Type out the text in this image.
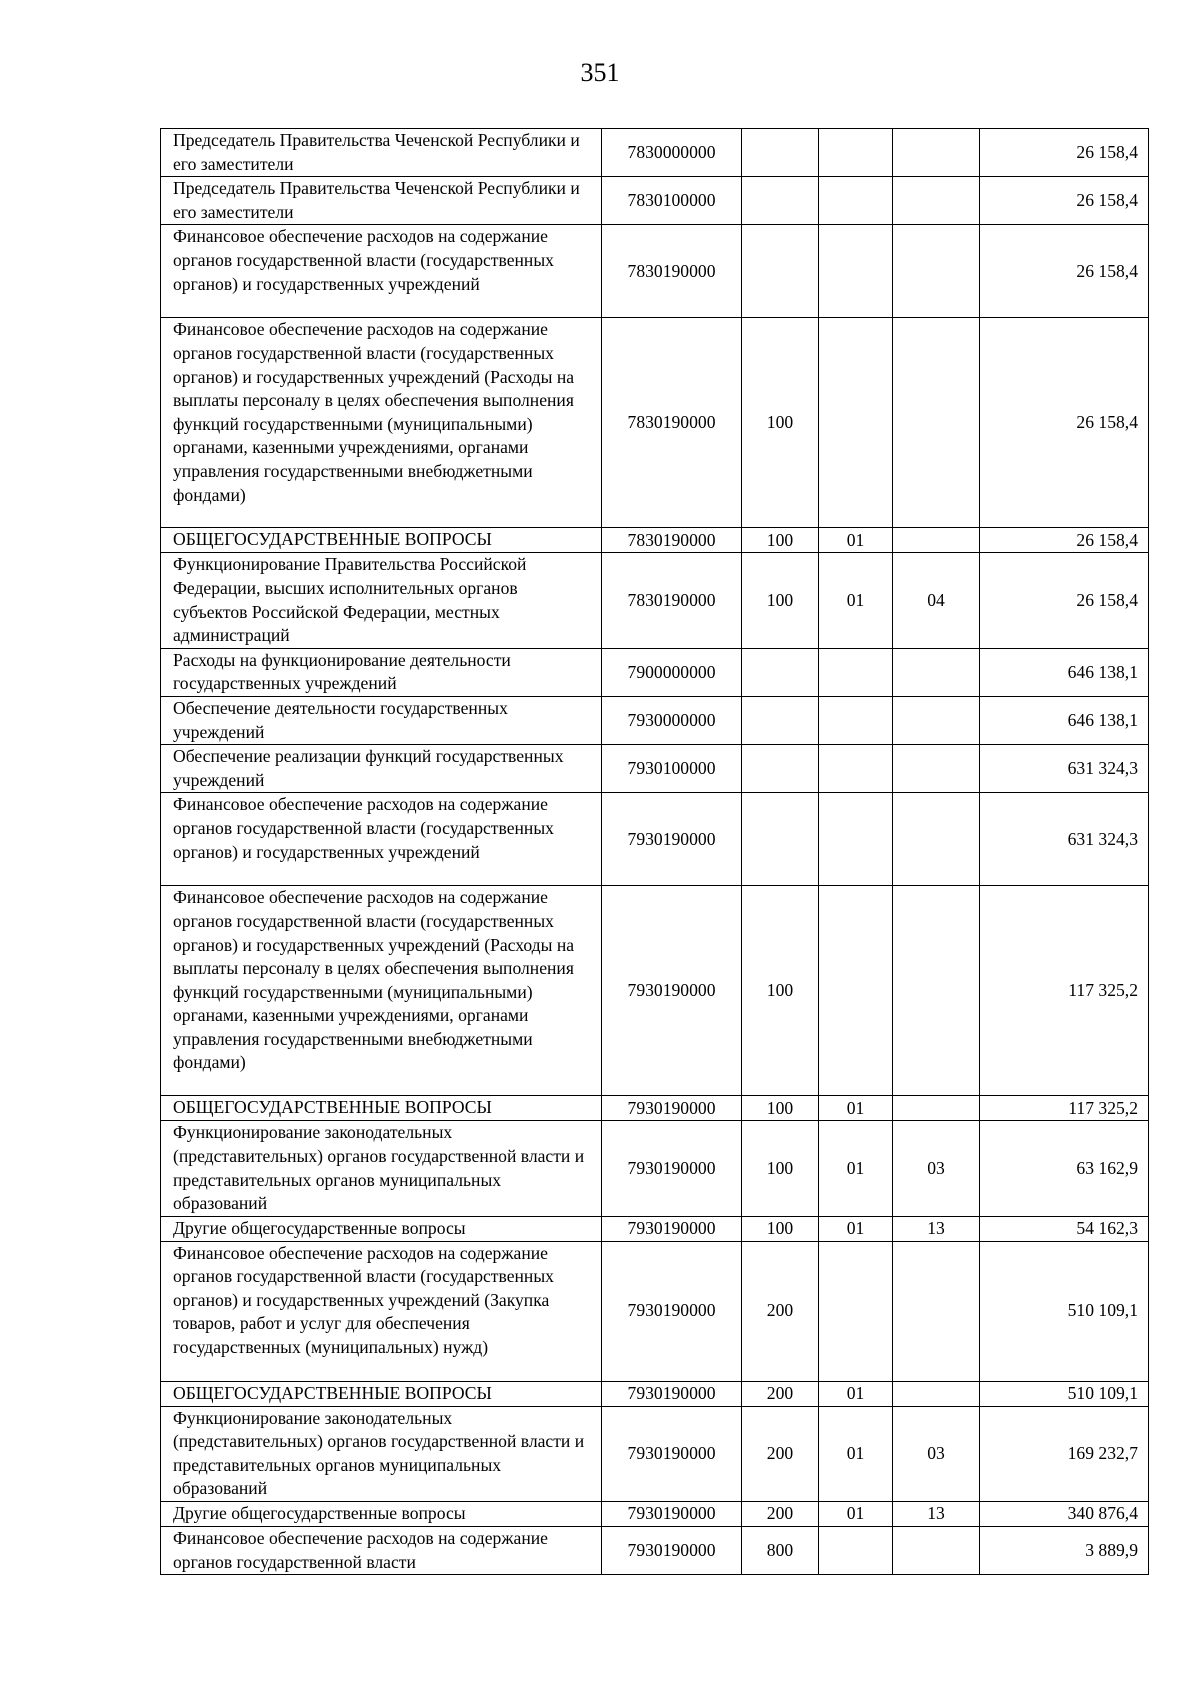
351
Председатель Правительства Чеченской Республики и его заместители	7830000000				26 158,4
Председатель Правительства Чеченской Республики и его заместители	7830100000				26 158,4
Финансовое обеспечение расходов на содержание органов государственной власти (государственных органов) и государственных учреждений	7830190000				26 158,4
Финансовое обеспечение расходов на содержание органов государственной власти (государственных органов) и государственных учреждений (Расходы на выплаты персоналу в целях обеспечения выполнения функций государственными (муниципальными) органами, казенными учреждениями, органами управления государственными внебюджетными фондами)	7830190000	100			26 158,4
ОБЩЕГОСУДАРСТВЕННЫЕ ВОПРОСЫ	7830190000	100	01		26 158,4
Функционирование Правительства Российской Федерации, высших исполнительных органов субъектов Российской Федерации, местных администраций	7830190000	100	01	04	26 158,4
Расходы на функционирование деятельности государственных учреждений	7900000000				646 138,1
Обеспечение деятельности государственных учреждений	7930000000				646 138,1
Обеспечение реализации функций государственных учреждений	7930100000				631 324,3
Финансовое обеспечение расходов на содержание органов государственной власти (государственных органов) и государственных учреждений	7930190000				631 324,3
Финансовое обеспечение расходов на содержание органов государственной власти (государственных органов) и государственных учреждений (Расходы на выплаты персоналу в целях обеспечения выполнения функций государственными (муниципальными) органами, казенными учреждениями, органами управления государственными внебюджетными фондами)	7930190000	100			117 325,2
ОБЩЕГОСУДАРСТВЕННЫЕ ВОПРОСЫ	7930190000	100	01		117 325,2
Функционирование законодательных (представительных) органов государственной власти и представительных органов муниципальных образований	7930190000	100	01	03	63 162,9
Другие общегосударственные вопросы	7930190000	100	01	13	54 162,3
Финансовое обеспечение расходов на содержание органов государственной власти (государственных органов) и государственных учреждений (Закупка товаров, работ и услуг для обеспечения государственных (муниципальных) нужд)	7930190000	200			510 109,1
ОБЩЕГОСУДАРСТВЕННЫЕ ВОПРОСЫ	7930190000	200	01		510 109,1
Функционирование законодательных (представительных) органов государственной власти и представительных органов муниципальных образований	7930190000	200	01	03	169 232,7
Другие общегосударственные вопросы	7930190000	200	01	13	340 876,4
Финансовое обеспечение расходов на содержание органов государственной власти	7930190000	800			3 889,9
